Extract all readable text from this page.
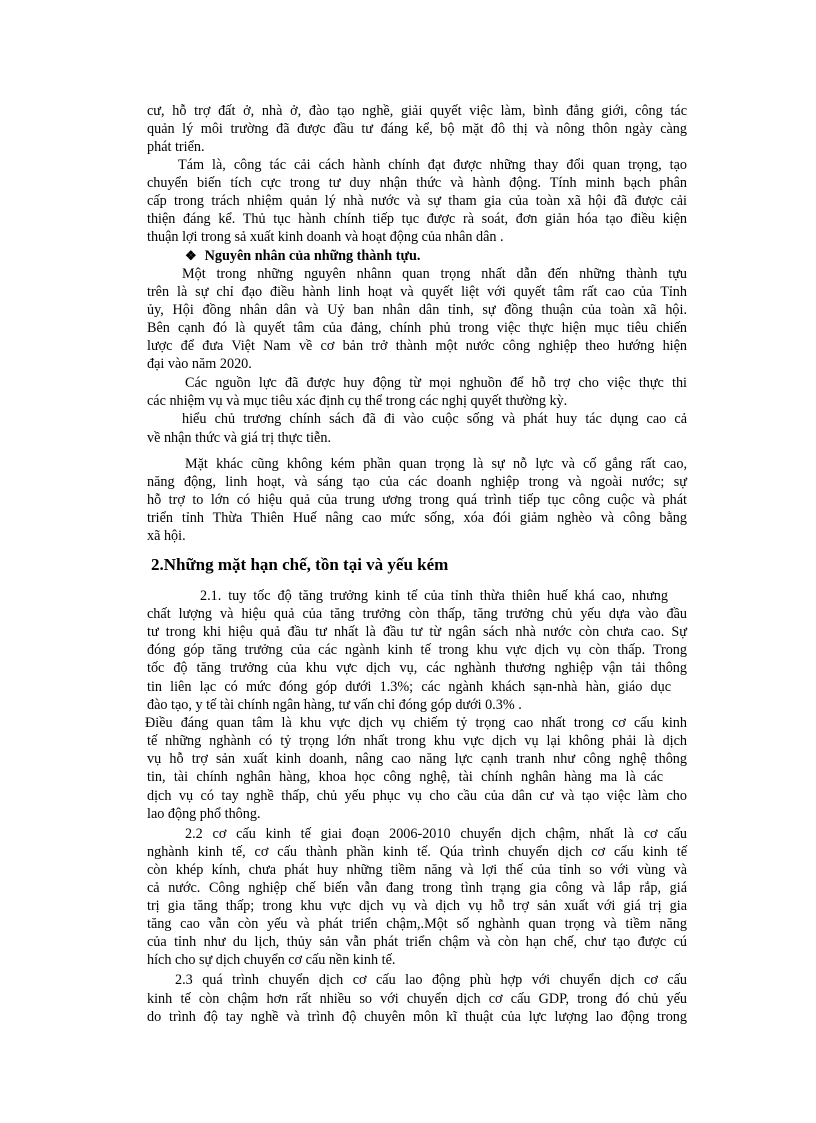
cư, hỗ trợ đất ở, nhà ở, đào tạo nghề, giải quyết việc làm, bình đẳng giới, công tác

quản lý môi trường đã được đầu tư đáng kể, bộ mặt đô thị và nông thôn ngày càng

phát triển.

Tám là, công tác cải cách hành chính đạt được những thay đổi quan trọng, tạo

chuyển biến tích cực trong tư duy nhận thức và hành động. Tính minh bạch phân

cấp trong trách nhiệm quản lý nhà nước và sự tham gia của toàn xã hội đã được cải

thiện đáng kể. Thủ tục hành chính tiếp tục được rà soát, đơn giản hóa tạo điều kiện

thuận lợi trong sả xuất kinh doanh và hoạt động của nhân dân .

❖ Nguyên nhân của những thành tựu.

Một trong những nguyên nhânn quan trọng nhất dẫn đến những thành tựu

trên là sự chỉ đạo điều hành linh hoạt và quyết liệt với quyết tâm rất cao của Tỉnh

ủy, Hội đồng nhân dân và Uỷ ban nhân dân tỉnh, sự đồng thuận của toàn xã hội.

Bên cạnh đó là quyết tâm của đảng, chính phủ trong việc thực hiện mục tiêu chiến

lược để đưa Việt Nam về cơ bản trở thành một nước công nghiệp theo hướng hiện

đại vào năm 2020.

Các nguồn lực đã được huy động từ mọi nghuồn để hỗ trợ cho việc thực thi

các nhiệm vụ và mục tiêu xác định cụ thể trong các nghị quyết thường kỳ.

hiểu chủ trương chính sách đã đi vào cuộc sống và phát huy tác dụng cao cả

về nhận thức và giá trị thực tiễn.

Mặt khác cũng không kém phần quan trọng là sự nỗ lực và cố gắng rất cao,

năng động, linh hoạt, và sáng tạo của các doanh nghiệp trong và ngoài nước; sự

hỗ trợ to lớn có hiệu quả của trung ương trong quá trình tiếp tục công cuộc và phát

triển tỉnh Thừa Thiên Huế nâng cao mức sống, xóa đói giảm nghèo và công bằng

xã hội.

2.Những mặt hạn chế, tồn tại và yếu kém

2.1. tuy tốc độ tăng trưởng kinh tế của tỉnh thừa thiên huế khá cao, nhưng

chất lượng và hiệu quả của tăng trưởng còn thấp, tăng trưởng chủ yếu dựa vào đầu

tư trong khi hiệu quả đầu tư nhất là đầu tư từ ngân sách nhà nước còn chưa cao. Sự

đóng góp tăng trưởng của các ngành kinh tế trong khu vực dịch vụ còn thấp. Trong

tốc độ tăng trưởng của khu vực dịch vụ, các nghành thương nghiệp vận tải thông

tin liên lạc có mức đóng góp dưới 1.3%; các ngành khách sạn-nhà hàn, giáo dục

đào tạo, y tế tài chính ngân hàng, tư vấn chỉ đóng góp dưới 0.3% .

Điều đáng quan tâm là khu vực dịch vụ chiếm tỷ trọng cao nhất trong cơ cấu kinh

tế những nghành có tỷ trọng lớn nhất trong khu vực dịch vụ lại không phải là dịch

vụ hỗ trợ sản xuất kinh doanh, nâng cao năng lực cạnh tranh như công nghệ thông

tin, tài chính nghân hàng, khoa học công nghệ, tài chính nghân hàng ma là các

dịch vụ có tay nghề thấp, chủ yếu phục vụ cho cầu của dân cư và tạo việc làm cho

lao động phổ thông.

2.2 cơ cấu kinh tế giai đoạn 2006-2010 chuyển dịch chậm, nhất là cơ cấu

nghành kinh tế, cơ cấu thành phần kinh tế. Qúa trình chuyển dịch cơ cấu kinh tế

còn khép kính, chưa phát huy những tiềm năng và lợi thế của tỉnh so với vùng và

cả nước. Công nghiệp chế biến vẫn đang trong tình trạng gia công và lắp rắp, giá

trị gia tăng thấp; trong khu vực dịch vụ và dịch vụ hỗ trợ sản xuất với giá trị gia

tăng cao vẫn còn yếu và phát triển chậm,.Một số nghành quan trọng và tiềm năng

của tỉnh như du lịch, thủy sản vẫn phát triển chậm và còn hạn chế, chư tạo được cú

hích cho sự dịch chuyển cơ cấu nền kinh tế.

2.3 quá trình chuyển dịch cơ cấu lao động phù hợp với chuyển dịch cơ cấu

kinh tế còn chậm hơn rất nhiều so với chuyển dịch cơ cấu GDP, trong đó chủ yếu

do trình độ tay nghề và trình độ chuyên môn kĩ thuật của lực lượng lao động trong
